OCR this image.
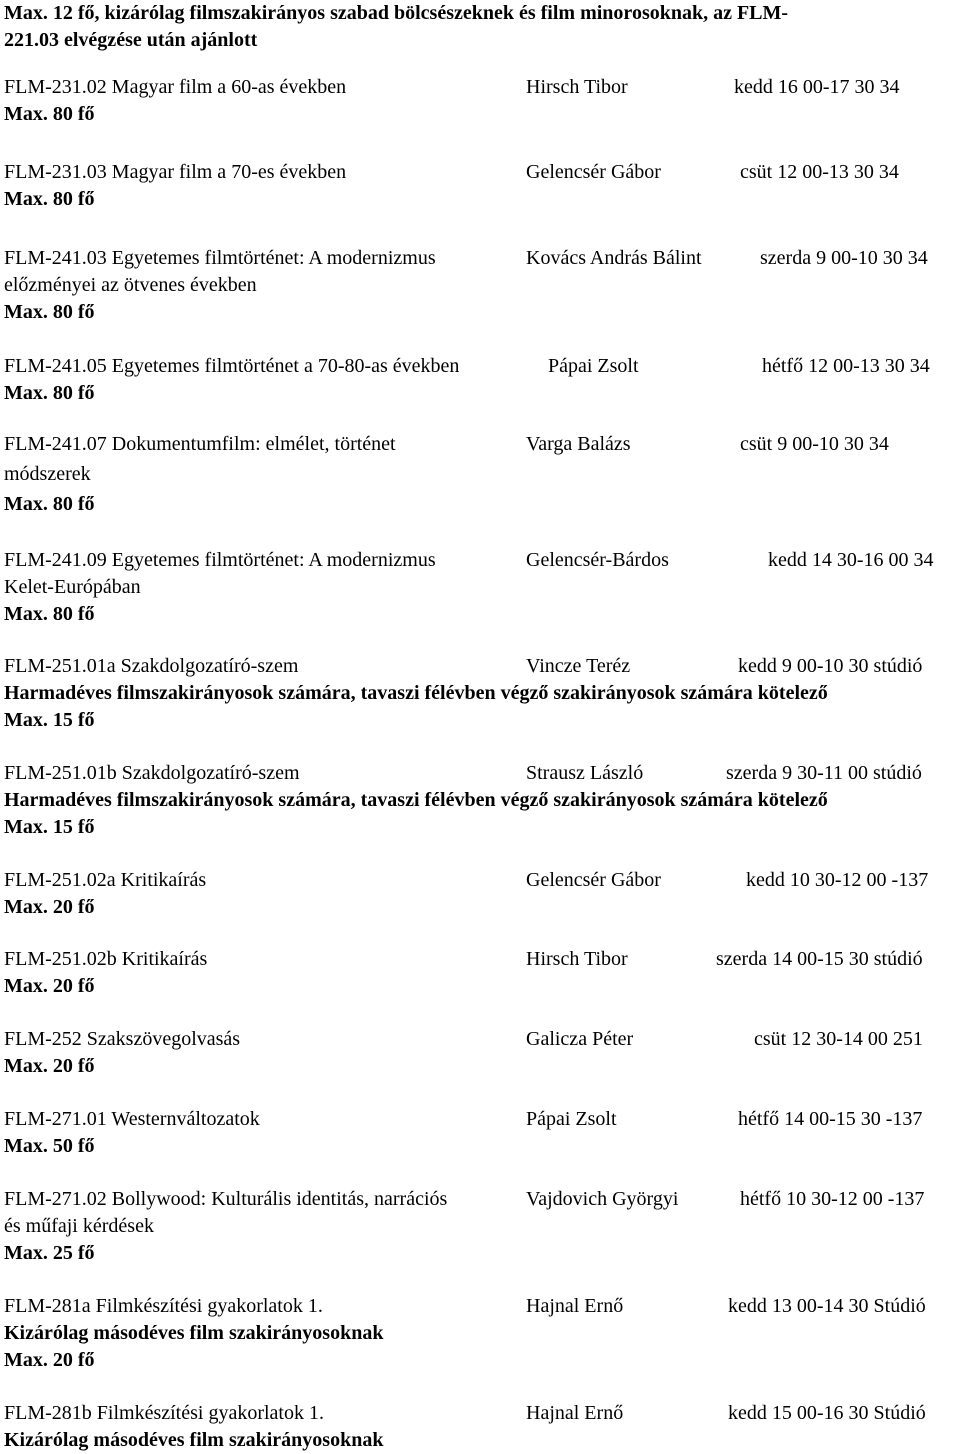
Max. 12 fő, kizárólag filmszakirányos szabad bölcsészeknek és film minorosoknak, az FLM-
221.03 elvégzése után ajánlott
FLM-231.02 Magyar film a 60-as években	Hirsch Tibor	kedd 16 00-17 30 34
Max. 80 fő
FLM-231.03 Magyar film a 70-es években	Gelencsér Gábor	csüt 12 00-13 30 34
Max. 80 fő
FLM-241.03 Egyetemes filmtörténet: A modernizmus	Kovács András Bálint	szerda 9 00-10 30 34
előzményei az ötvenes években
Max. 80 fő
FLM-241.05 Egyetemes filmtörténet a 70-80-as években	Pápai Zsolt	hétfő 12 00-13 30 34
Max. 80 fő
FLM-241.07 Dokumentumfilm: elmélet, történet	Varga Balázs	csüt 9 00-10 30 34
módszerek
Max. 80 fő
FLM-241.09 Egyetemes filmtörténet: A modernizmus	Gelencsér-Bárdos	kedd 14 30-16 00 34
Kelet-Európában
Max. 80 fő
FLM-251.01a Szakdolgozatíró-szem	Vincze Teréz	kedd 9 00-10 30 stúdió
Harmadéves filmszakirányosok számára, tavaszi félévben végző szakirányosok számára kötelező
Max. 15 fő
FLM-251.01b Szakdolgozatíró-szem	Strausz László	szerda 9 30-11 00 stúdió
Harmadéves filmszakirányosok számára, tavaszi félévben végző szakirányosok számára kötelező
Max. 15 fő
FLM-251.02a Kritikaírás	Gelencsér Gábor	kedd 10 30-12 00 -137
Max. 20 fő
FLM-251.02b Kritikaírás	Hirsch Tibor	szerda 14 00-15 30 stúdió
Max. 20 fő
FLM-252 Szakszövegolvasás	Galicza Péter	csüt 12 30-14 00 251
Max. 20 fő
FLM-271.01 Westernváltozatok	Pápai Zsolt	hétfő 14 00-15 30 -137
Max. 50 fő
FLM-271.02 Bollywood: Kulturális identitás, narrációs	Vajdovich Györgyi	hétfő 10 30-12 00 -137
és műfaji kérdések
Max. 25 fő
FLM-281a Filmkészítési gyakorlatok 1.	Hajnal Ernő	kedd 13 00-14 30 Stúdió
Kizárólag másodéves film szakirányosoknak
Max. 20 fő
FLM-281b Filmkészítési gyakorlatok 1.	Hajnal Ernő	kedd 15 00-16 30 Stúdió
Kizárólag másodéves film szakirányosoknak
